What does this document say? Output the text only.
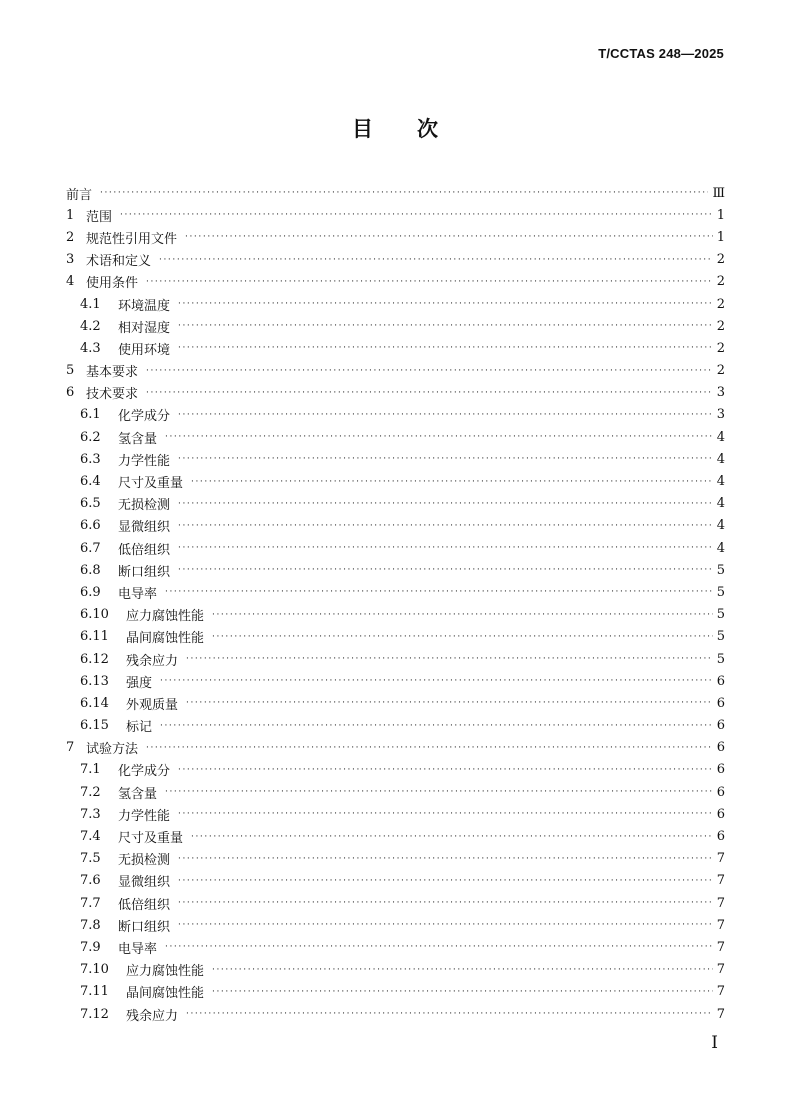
T/CCTAS 248—2025
目 次
前言 ·····	Ⅲ
1 范围 ·····	1
2 规范性引用文件 ·····	1
3 术语和定义 ·····	2
4 使用条件 ·····	2
4.1	环境温度 ·····	2
4.2	相对湿度 ·····	2
4.3	使用环境 ·····	2
5 基本要求 ·····	2
6 技术要求 ·····	3
6.1	化学成分 ·····	3
6.2	氢含量 ·····	4
6.3	力学性能 ·····	4
6.4	尺寸及重量 ·····	4
6.5	无损检测 ·····	4
6.6	显微组织 ·····	4
6.7	低倍组织 ·····	4
6.8	断口组织 ·····	5
6.9	电导率 ·····	5
6.10	应力腐蚀性能 ·····	5
6.11	晶间腐蚀性能 ·····	5
6.12	残余应力 ·····	5
6.13	强度 ·····	6
6.14	外观质量 ·····	6
6.15	标记 ·····	6
7 试验方法 ·····	6
7.1	化学成分 ·····	6
7.2	氢含量 ·····	6
7.3	力学性能 ·····	6
7.4	尺寸及重量 ·····	6
7.5	无损检测 ·····	7
7.6	显微组织 ·····	7
7.7	低倍组织 ·····	7
7.8	断口组织 ·····	7
7.9	电导率 ·····	7
7.10	应力腐蚀性能 ·····	7
7.11	晶间腐蚀性能 ·····	7
7.12	残余应力 ·····	7
I
